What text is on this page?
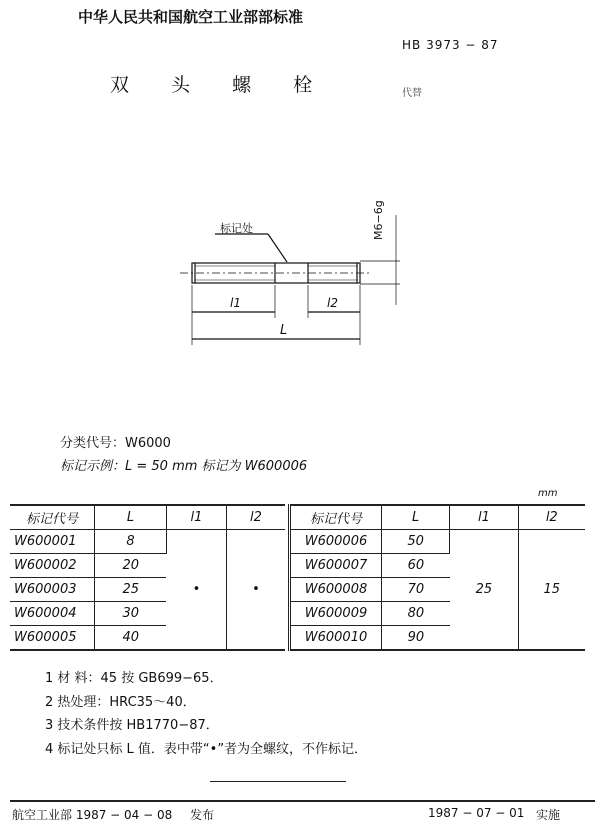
中华人民共和国航空工业部部标准
HB 3973 − 87
双 头 螺 栓	代替
标记处	M6−6g
l1	l2
L
分类代号：W6000
标记示例：L = 50 mm 标记为 W600006
mm
标记代号	L	l1	l2
W600001	8	•	•
W600002	20		
W600003	25		
W600004	30		
W600005	40		
标记代号	L	l1	l2
W600006	50	25	15
W600007	60		
W600008	70		
W600009	80		
W600010	90		
1 材 料：45 按 GB699−65．
2 热处理：HRC35～40．
3 技术条件按 HB1770−87．
4 标记处只标 L 值．表中带“•”者为全螺纹，不作标记．
航空工业部 1987 − 04 − 08 发布	1987 − 07 − 01 实施
